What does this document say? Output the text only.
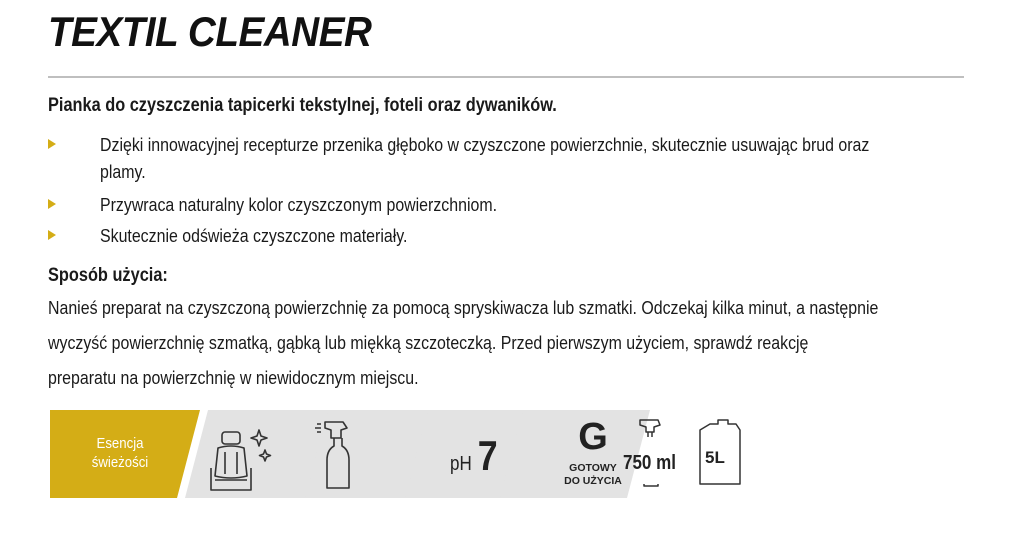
TEXTIL CLEANER
Pianka do czyszczenia tapicerki tekstylnej, foteli oraz dywaników.
Dzięki innowacyjnej recepturze przenika głęboko w czyszczone powierzchnie, skutecznie usuwając brud oraz
plamy.
Przywraca naturalny kolor czyszczonym powierzchniom.
Skutecznie odświeża czyszczone materiały.
Sposób użycia:
Nanieś preparat na czyszczoną powierzchnię za pomocą spryskiwacza lub szmatki. Odczekaj kilka minut, a następnie
wyczyść powierzchnię szmatką, gąbką lub miękką szczoteczką. Przed pierwszym użyciem, sprawdź reakcję
preparatu na powierzchnię w niewidocznym miejscu.
Esencja
świeżości	pH 7	G
GOTOWY
DO UŻYCIA
750 ml 5L
